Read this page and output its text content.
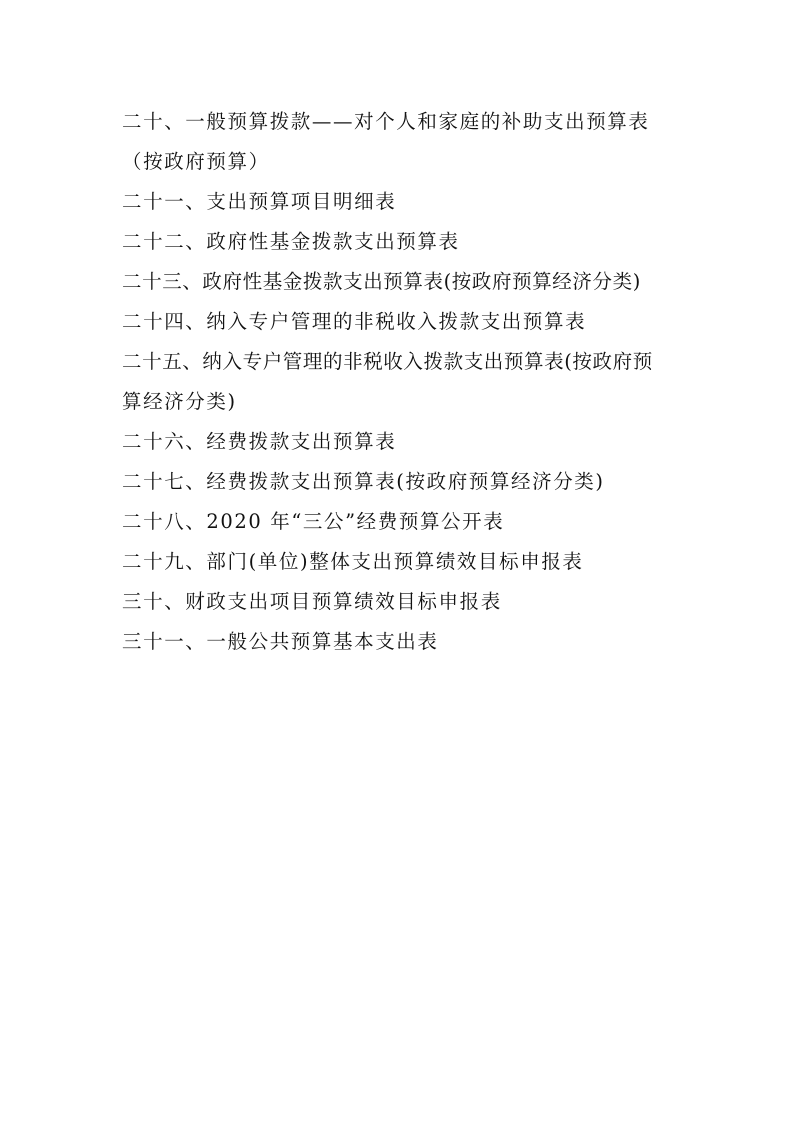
二十、一般预算拨款——对个人和家庭的补助支出预算表
（按政府预算）
二十一、支出预算项目明细表
二十二、政府性基金拨款支出预算表
二十三、政府性基金拨款支出预算表(按政府预算经济分类)
二十四、纳入专户管理的非税收入拨款支出预算表
二十五、纳入专户管理的非税收入拨款支出预算表(按政府预
算经济分类)
二十六、经费拨款支出预算表
二十七、经费拨款支出预算表(按政府预算经济分类)
二十八、2020 年“三公”经费预算公开表
二十九、部门(单位)整体支出预算绩效目标申报表
三十、财政支出项目预算绩效目标申报表
三十一、一般公共预算基本支出表
